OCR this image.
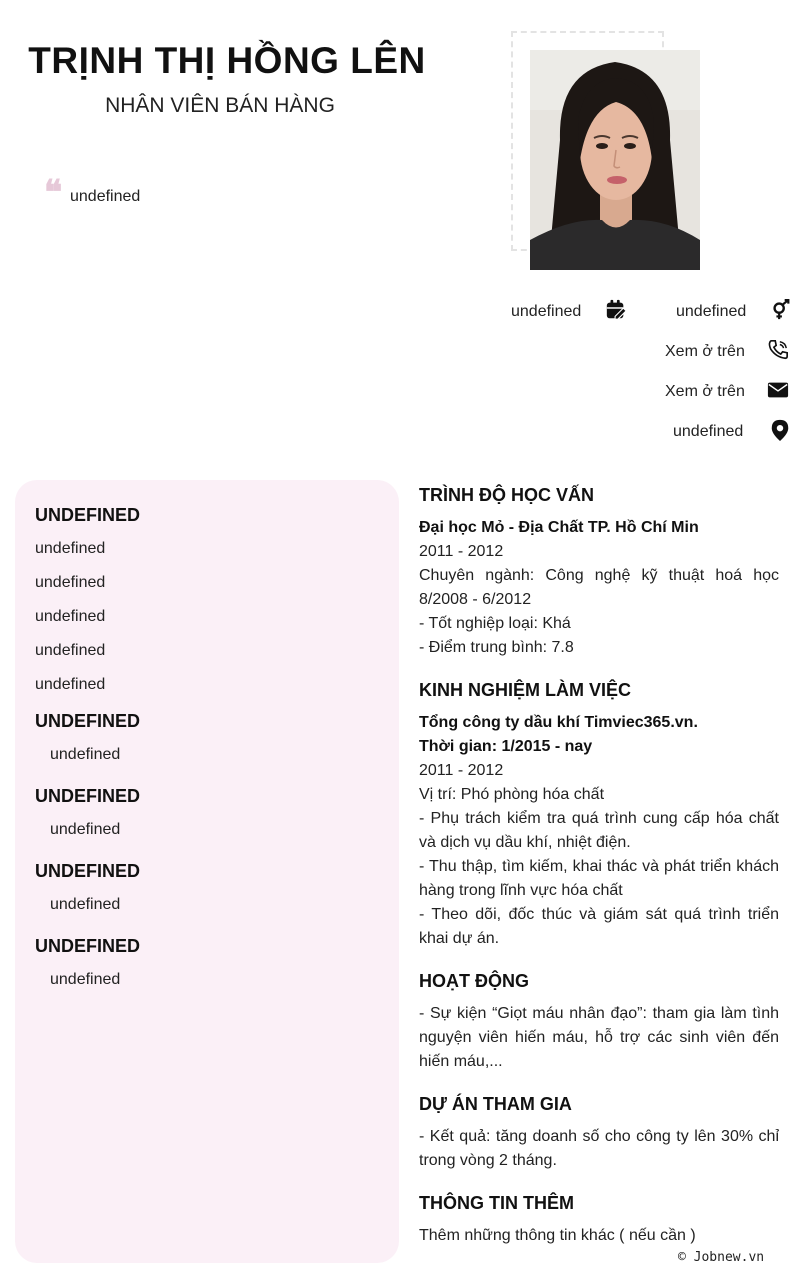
TRỊNH THỊ HỒNG LÊN
NHÂN VIÊN BÁN HÀNG
❝ undefined
undefined	undefined
Xem ở trên
Xem ở trên
undefined
UNDEFINED
undefined
undefined
undefined
undefined
undefined
UNDEFINED
undefined
UNDEFINED
undefined
UNDEFINED
undefined
UNDEFINED
undefined
TRÌNH ĐỘ HỌC VẤN
Đại học Mỏ - Địa Chất TP. Hồ Chí Min
2011 - 2012
Chuyên ngành: Công nghệ kỹ thuật hoá học 8/2008 - 6/2012
- Tốt nghiệp loại: Khá
- Điểm trung bình: 7.8
KINH NGHIỆM LÀM VIỆC
Tổng công ty dầu khí Timviec365.vn.
Thời gian: 1/2015 - nay
2011 - 2012
Vị trí: Phó phòng hóa chất
- Phụ trách kiểm tra quá trình cung cấp hóa chất và dịch vụ dầu khí, nhiệt điện.
- Thu thập, tìm kiếm, khai thác và phát triển khách hàng trong lĩnh vực hóa chất
- Theo dõi, đốc thúc và giám sát quá trình triển khai dự án.
HOẠT ĐỘNG
- Sự kiện “Giọt máu nhân đạo”: tham gia làm tình nguyện viên hiến máu, hỗ trợ các sinh viên đến hiến máu,...
DỰ ÁN THAM GIA
- Kết quả: tăng doanh số cho công ty lên 30% chỉ trong vòng 2 tháng.
THÔNG TIN THÊM
Thêm những thông tin khác ( nếu cần )
© Jobnew.vn
